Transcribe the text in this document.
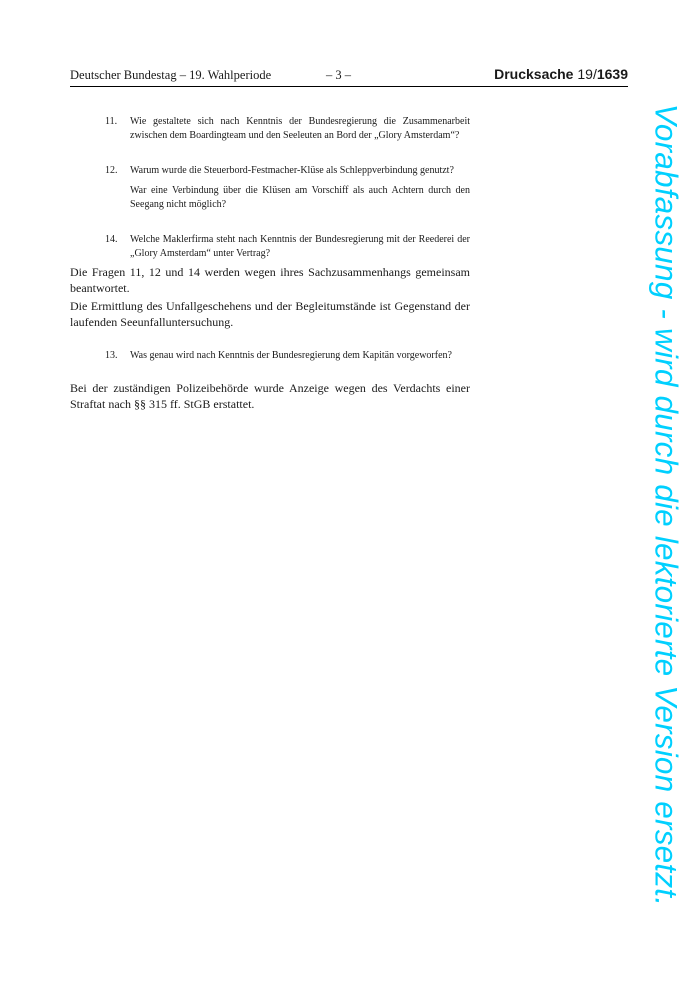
Deutscher Bundestag – 19. Wahlperiode	– 3 –	Drucksache 19/1639
11. Wie gestaltete sich nach Kenntnis der Bundesregierung die Zusammenarbeit zwischen dem Boardingteam und den Seeleuten an Bord der „Glory Amsterdam“?
12. Warum wurde die Steuerbord-Festmacher-Klüse als Schleppverbindung genutzt?
War eine Verbindung über die Klüsen am Vorschiff als auch Achtern durch den Seegang nicht möglich?
14. Welche Maklerfirma steht nach Kenntnis der Bundesregierung mit der Reederei der „Glory Amsterdam“ unter Vertrag?
Die Fragen 11, 12 und 14 werden wegen ihres Sachzusammenhangs gemeinsam beantwortet.
Die Ermittlung des Unfallgeschehens und der Begleitumstände ist Gegenstand der laufenden Seeunfalluntersuchung.
13. Was genau wird nach Kenntnis der Bundesregierung dem Kapitän vorgeworfen?
Bei der zuständigen Polizeibehörde wurde Anzeige wegen des Verdachts einer Straftat nach §§ 315 ff. StGB erstattet.	Vorabfassung - wird durch die lektorierte Version ersetzt.
